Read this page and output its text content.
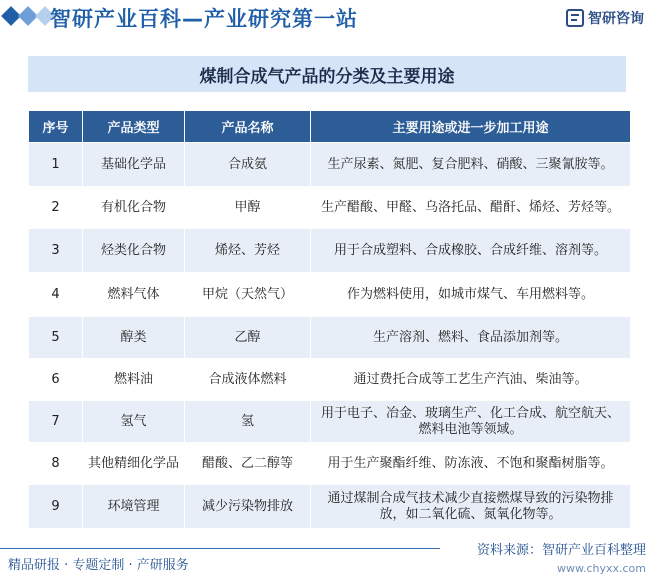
智研产业百科—产业研究第一站	智研咨询
煤制合成气产品的分类及主要用途
序号	产品类型	产品名称	主要用途或进一步加工用途
1	基础化学品	合成氨	生产尿素、氮肥、复合肥料、硝酸、三聚氰胺等。
2	有机化合物	甲醇	生产醋酸、甲醛、乌洛托品、醋酐、烯烃、芳烃等。
3	烃类化合物	烯烃、芳烃	用于合成塑料、合成橡胶、合成纤维、溶剂等。
4	燃料气体	甲烷（天然气）	作为燃料使用，如城市煤气、车用燃料等。
5	醇类	乙醇	生产溶剂、燃料、食品添加剂等。
6	燃料油	合成液体燃料	通过费托合成等工艺生产汽油、柴油等。
7	氢气	氢	用于电子、冶金、玻璃生产、化工合成、航空航天、燃料电池等领域。
8	其他精细化学品	醋酸、乙二醇等	用于生产聚酯纤维、防冻液、不饱和聚酯树脂等。
9	环境管理	减少污染物排放	通过煤制合成气技术减少直接燃煤导致的污染物排放，如二氧化硫、氮氧化物等。
精品研报 · 专题定制 · 产研服务
资料来源：智研产业百科整理
www.chyxx.com
